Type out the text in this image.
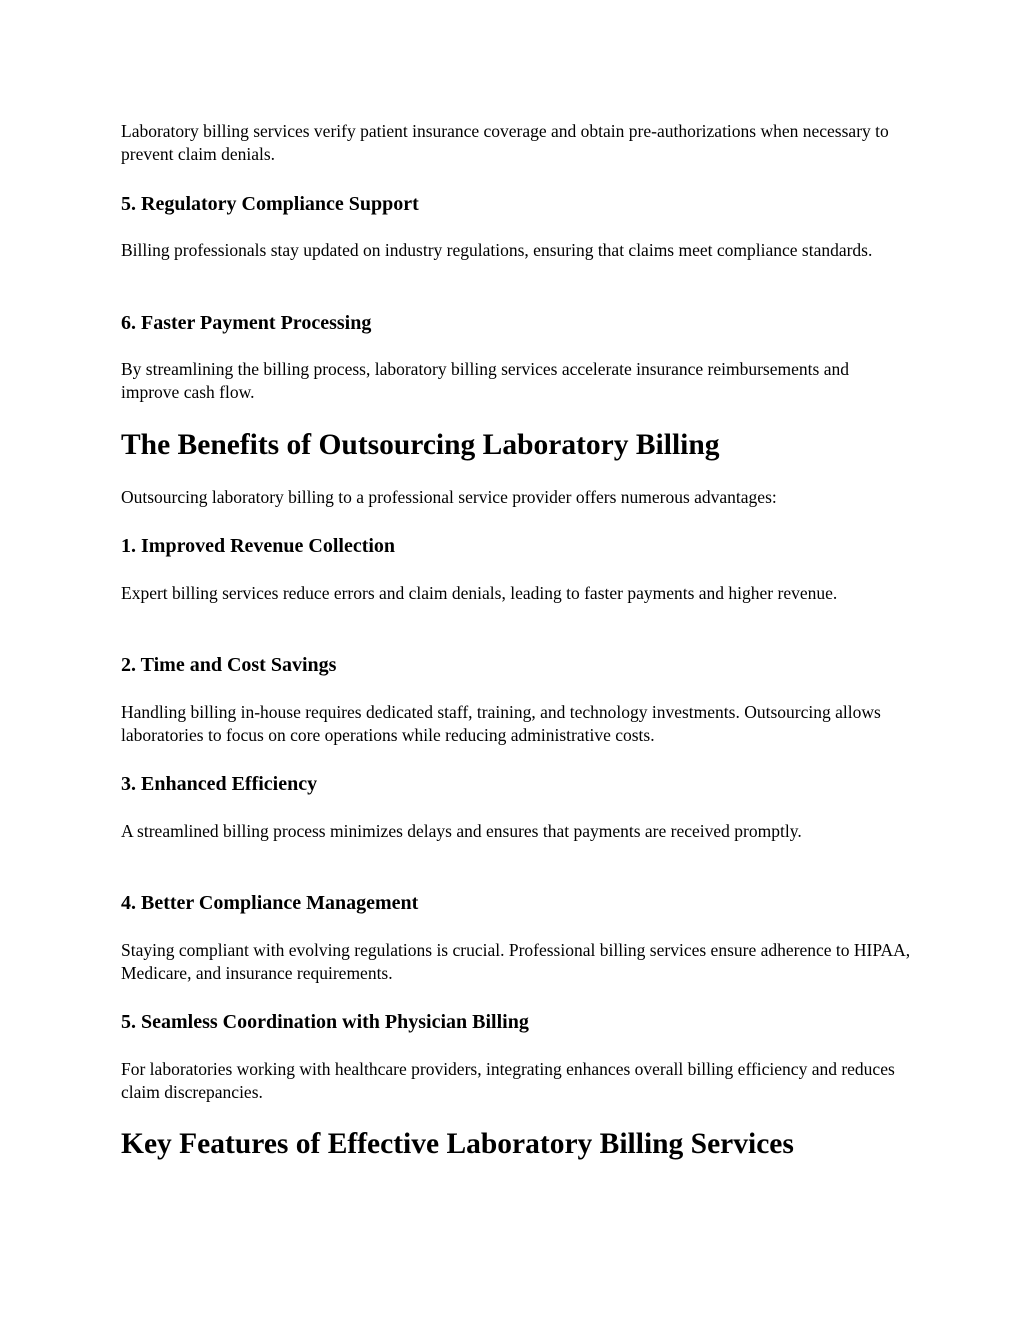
Laboratory billing services verify patient insurance coverage and obtain pre-authorizations when necessary to prevent claim denials.

5. Regulatory Compliance Support

Billing professionals stay updated on industry regulations, ensuring that claims meet compliance standards.

6. Faster Payment Processing

By streamlining the billing process, laboratory billing services accelerate insurance reimbursements and improve cash flow.

The Benefits of Outsourcing Laboratory Billing

Outsourcing laboratory billing to a professional service provider offers numerous advantages:

1. Improved Revenue Collection

Expert billing services reduce errors and claim denials, leading to faster payments and higher revenue.

2. Time and Cost Savings

Handling billing in-house requires dedicated staff, training, and technology investments. Outsourcing allows laboratories to focus on core operations while reducing administrative costs.

3. Enhanced Efficiency

A streamlined billing process minimizes delays and ensures that payments are received promptly.

4. Better Compliance Management

Staying compliant with evolving regulations is crucial. Professional billing services ensure adherence to HIPAA, Medicare, and insurance requirements.

5. Seamless Coordination with Physician Billing

For laboratories working with healthcare providers, integrating enhances overall billing efficiency and reduces claim discrepancies.

Key Features of Effective Laboratory Billing Services
